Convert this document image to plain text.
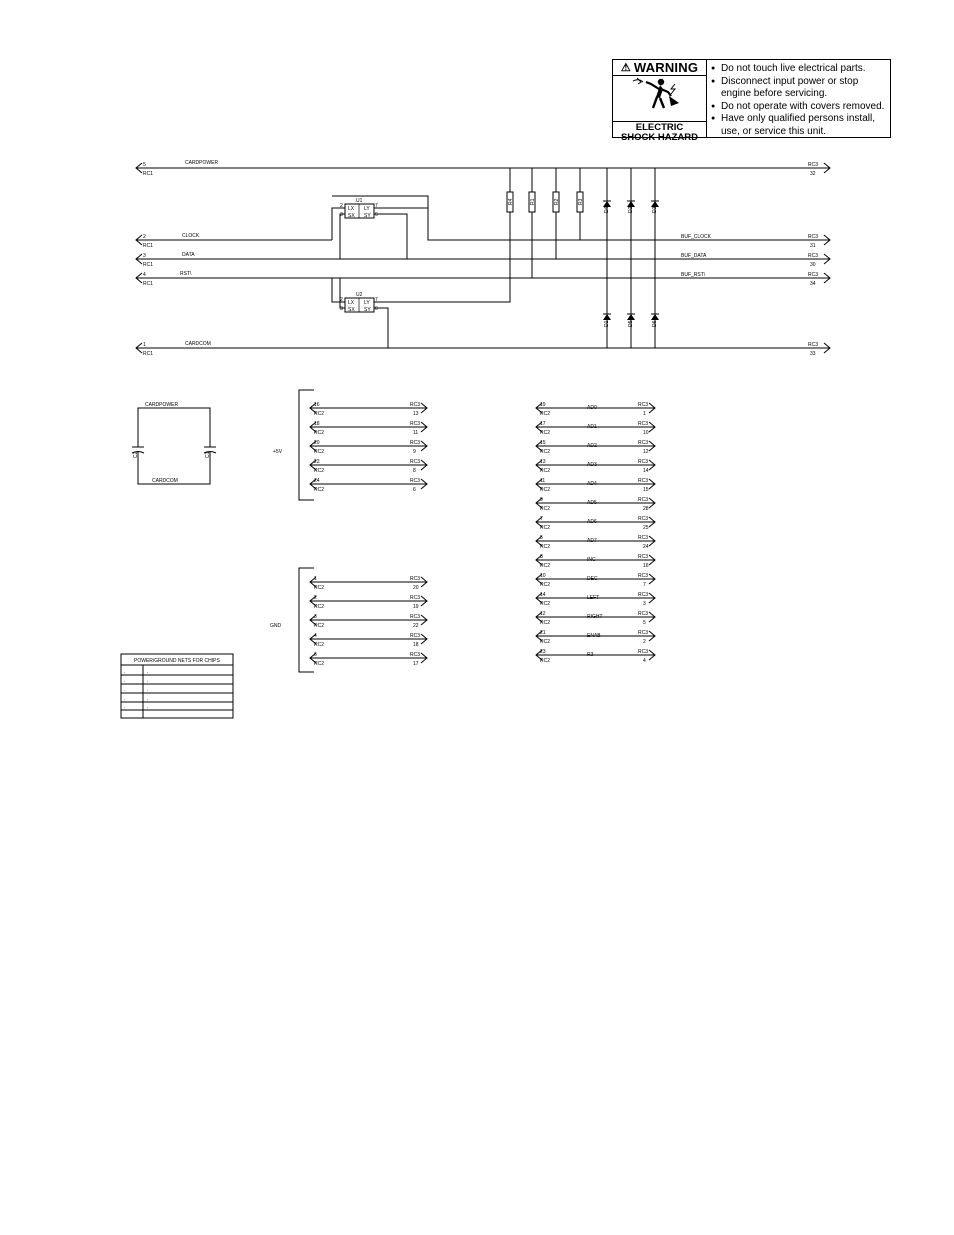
⚠ WARNING
ELECTRIC
SHOCK HAZARD
● Do not touch live electrical parts.
● Disconnect input power or stop engine before servicing.
● Do not operate with covers removed.
● Have only qualified persons install, use, or service this unit.
5
RC1
CARDPOWER	RC3
32
2
RC1
CLOCK	BUF_CLOCK	RC3
31
3
RC1
DATA	BUF_DATA	RC3
30
4
RC1
RST\	BUF_RST\	RC3
34
1
RC1
CARDCOM	RC3
33
U1
2
3
7
6
LX
SX
LY
SY
U2
2
3
7
6
LX
SX
LY
SY
R4	R1	R2	R3
D4	D2	D3
D1	D5	D6
CARDPOWER
CARDCOM
C2	C1	+5V
16
RC2
RC3
13
18
RC2
RC3
11
20
RC2
RC3
9
22
RC2
RC3
8
24
RC2
RC3
6
GND
1
RC2
RC3
20
2
RC2
RC3
19
3
RC2
RC3
22
4
RC2
RC3
18
6
RC2
RC3
17
19
RC2
AD0	RC3
1
17
RC2
AD1	RC3
10
15
RC2
AD2	RC3
12
13
RC2
AD3	RC3
14
11
RC2
AD4	RC3
15
9
RC2
AD5	RC3
28
7
RC2
AD6	RC3
25
5
RC2
AD7	RC3
24
8
RC2
INC	RC3
16
10
RC2
DEC	RC3
7
14
RC2
LEFT	RC3
3
12
RC2
RIGHT	RC3
5
21
RC2
ENAB	RC3
2
23
RC2
R3	RC3
4
POWER/GROUND NETS FOR CHIPS
.	.
.	.
.	.
.	.
.	.
